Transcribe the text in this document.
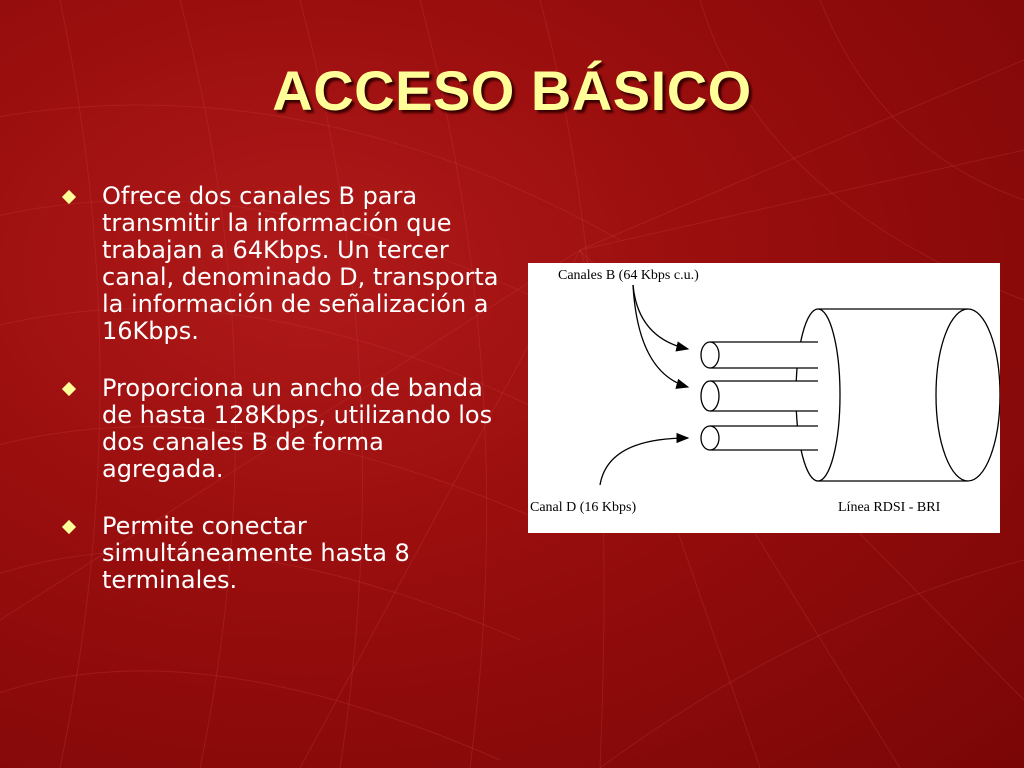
ACCESO BÁSICO
Ofrece dos canales B para transmitir la información que trabajan a 64Kbps. Un tercer canal, denominado D, transporta la información de señalización a 16Kbps.
Proporciona un ancho de banda de hasta 128Kbps, utilizando los dos canales B de forma agregada.
Permite conectar simultáneamente hasta 8 terminales.
Canales B (64 Kbps c.u.)
Canal D (16 Kbps)	Línea RDSI - BRI
